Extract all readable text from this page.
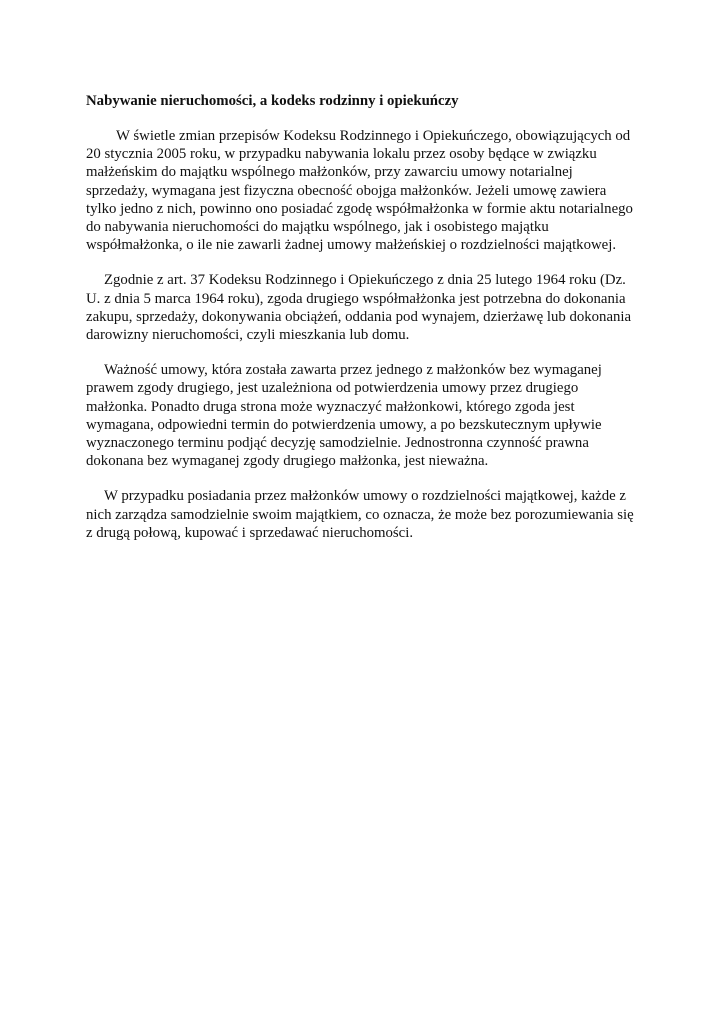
Nabywanie nieruchomości, a kodeks rodzinny i opiekuńczy

W świetle zmian przepisów Kodeksu Rodzinnego i Opiekuńczego, obowiązujących od 20 stycznia 2005 roku, w przypadku nabywania lokalu przez osoby będące w związku małżeńskim do majątku wspólnego małżonków, przy zawarciu umowy notarialnej sprzedaży, wymagana jest fizyczna obecność obojga małżonków. Jeżeli umowę zawiera tylko jedno z nich, powinno ono posiadać zgodę współmałżonka w formie aktu notarialnego do nabywania nieruchomości do majątku wspólnego, jak i osobistego majątku współmałżonka, o ile nie zawarli żadnej umowy małżeńskiej o rozdzielności majątkowej.

Zgodnie z art. 37 Kodeksu Rodzinnego i Opiekuńczego z dnia 25 lutego 1964 roku (Dz. U. z dnia 5 marca 1964 roku), zgoda drugiego współmałżonka jest potrzebna do dokonania zakupu, sprzedaży, dokonywania obciążeń, oddania pod wynajem, dzierżawę lub dokonania darowizny nieruchomości, czyli mieszkania lub domu.

Ważność umowy, która została zawarta przez jednego z małżonków bez wymaganej prawem zgody drugiego, jest uzależniona od potwierdzenia umowy przez drugiego małżonka. Ponadto druga strona może wyznaczyć małżonkowi, którego zgoda jest wymagana, odpowiedni termin do potwierdzenia umowy, a po bezskutecznym upływie wyznaczonego terminu podjąć decyzję samodzielnie. Jednostronna czynność prawna dokonana bez wymaganej zgody drugiego małżonka, jest nieważna.

W przypadku posiadania przez małżonków umowy o rozdzielności majątkowej, każde z nich zarządza samodzielnie swoim majątkiem, co oznacza, że może bez porozumiewania się z drugą połową, kupować i sprzedawać nieruchomości.
